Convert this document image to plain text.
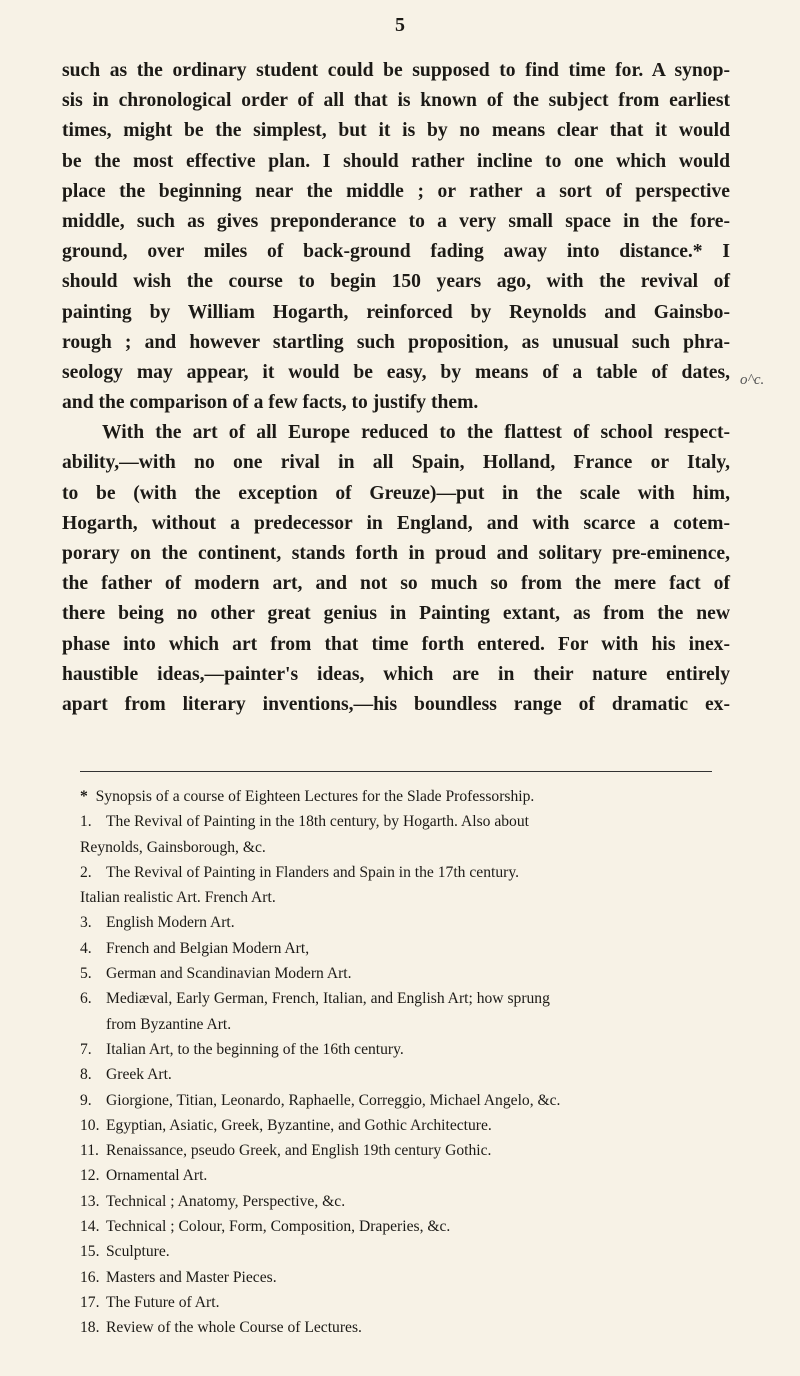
5
such as the ordinary student could be supposed to find time for. A synop-
sis in chronological order of all that is known of the subject from earliest
times, might be the simplest, but it is by no means clear that it would
be the most effective plan. I should rather incline to one which would
place the beginning near the middle ; or rather a sort of perspective
middle, such as gives preponderance to a very small space in the fore-
ground, over miles of back-ground fading away into distance.* I
should wish the course to begin 150 years ago, with the revival of
painting by William Hogarth, reinforced by Reynolds and Gainsbo-
rough ; and however startling such proposition, as unusual such phra-
seology may appear, it would be easy, by means of a table of dates,
and the comparison of a few facts, to justify them.
With the art of all Europe reduced to the flattest of school respect-
ability,—with no one rival in all Spain, Holland, France or Italy,
to be (with the exception of Greuze)—put in the scale with him,
Hogarth, without a predecessor in England, and with scarce a cotem-
porary on the continent, stands forth in proud and solitary pre-eminence,
the father of modern art, and not so much so from the mere fact of
there being no other great genius in Painting extant, as from the new
phase into which art from that time forth entered. For with his inex-
haustible ideas,—painter's ideas, which are in their nature entirely
apart from literary inventions,—his boundless range of dramatic ex-
o^c.
* Synopsis of a course of Eighteen Lectures for the Slade Professorship.
1. The Revival of Painting in the 18th century, by Hogarth. Also about
Reynolds, Gainsborough, &c.
2. The Revival of Painting in Flanders and Spain in the 17th century.
Italian realistic Art. French Art.
3. English Modern Art.
4. French and Belgian Modern Art,
5. German and Scandinavian Modern Art.
6. Mediæval, Early German, French, Italian, and English Art; how sprung
from Byzantine Art.
7. Italian Art, to the beginning of the 16th century.
8. Greek Art.
9. Giorgione, Titian, Leonardo, Raphaelle, Correggio, Michael Angelo, &c.
10. Egyptian, Asiatic, Greek, Byzantine, and Gothic Architecture.
11. Renaissance, pseudo Greek, and English 19th century Gothic.
12. Ornamental Art.
13. Technical ; Anatomy, Perspective, &c.
14. Technical ; Colour, Form, Composition, Draperies, &c.
15. Sculpture.
16. Masters and Master Pieces.
17. The Future of Art.
18. Review of the whole Course of Lectures.
